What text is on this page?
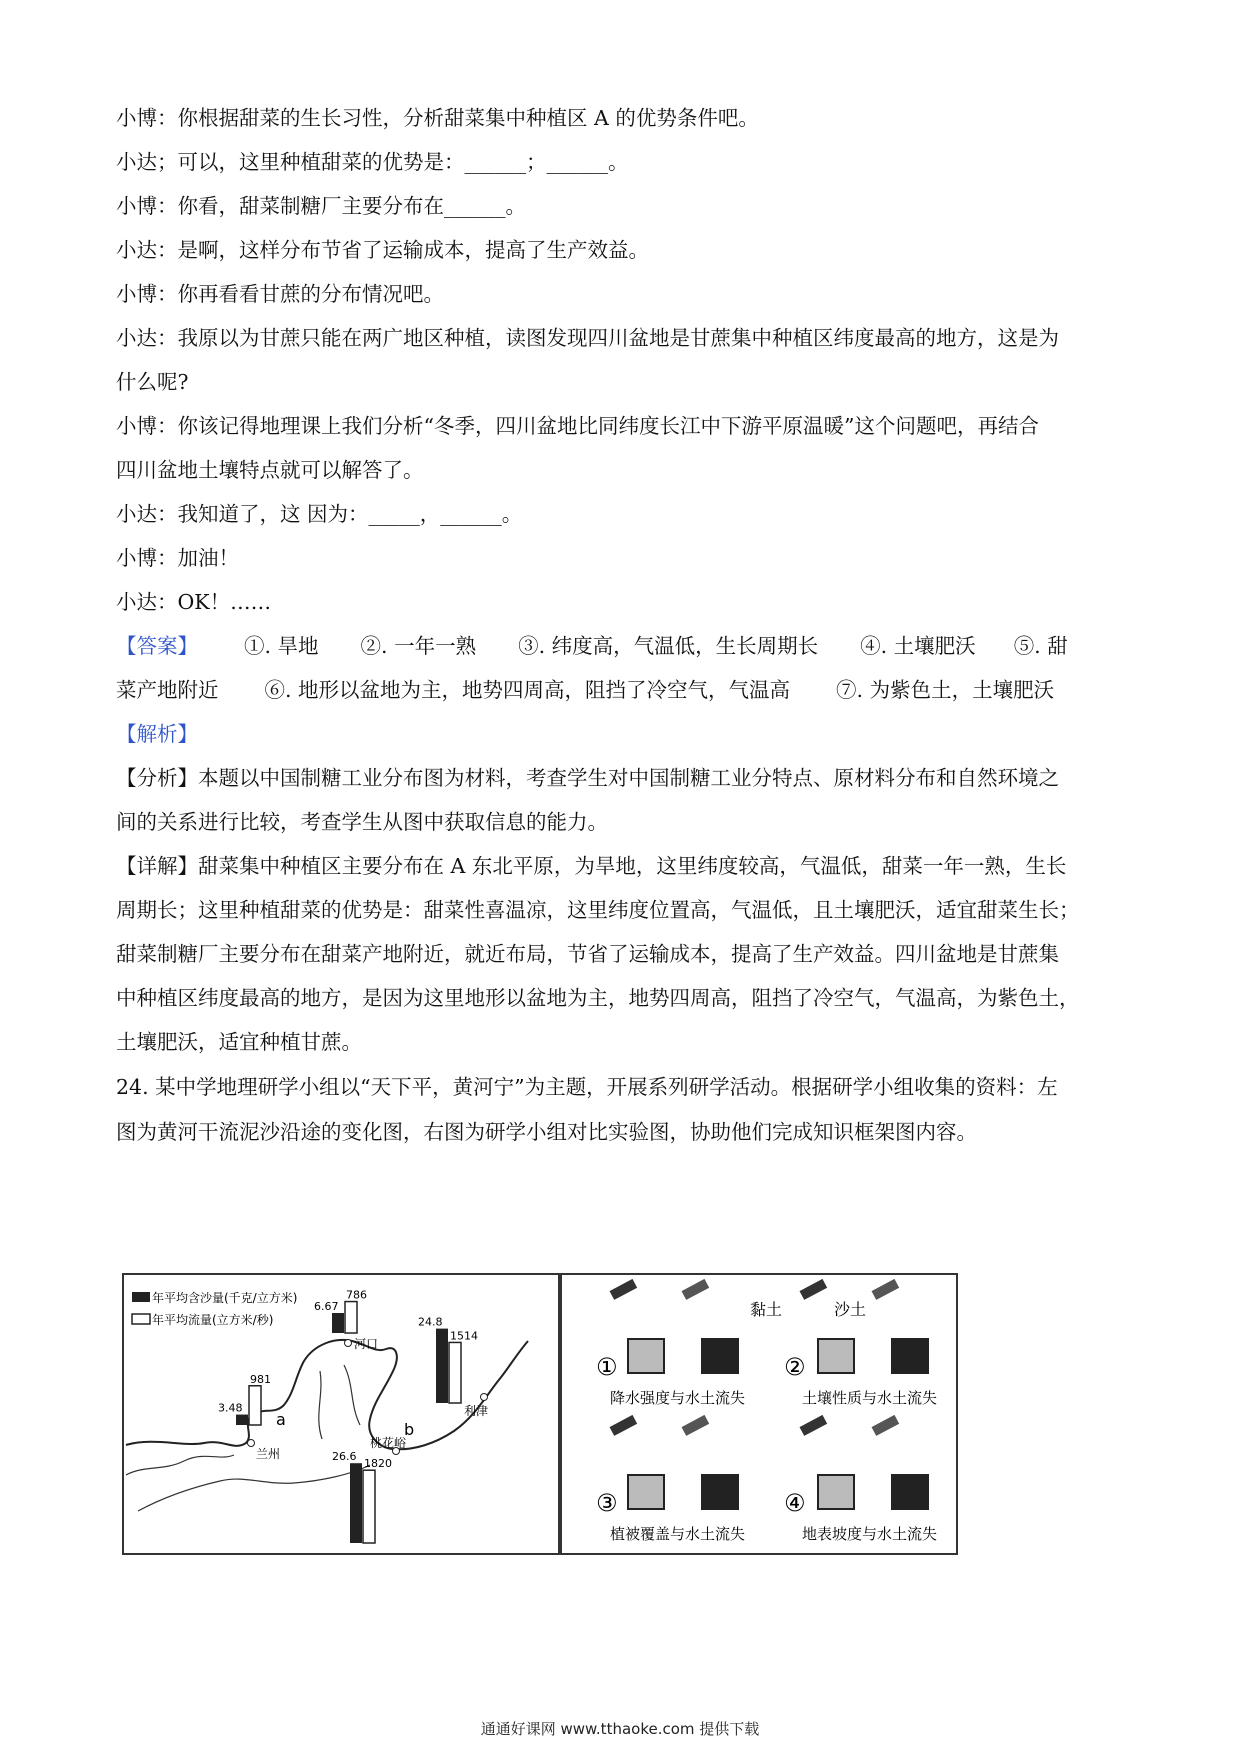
小博：你根据甜菜的生长习性，分析甜菜集中种植区 A 的优势条件吧。
小达；可以，这里种植甜菜的优势是：______；______。
小博：你看，甜菜制糖厂主要分布在______。
小达：是啊，这样分布节省了运输成本，提高了生产效益。
小博：你再看看甘蔗的分布情况吧。
小达：我原以为甘蔗只能在两广地区种植，读图发现四川盆地是甘蔗集中种植区纬度最高的地方，这是为
什么呢?
小博：你该记得地理课上我们分析“冬季，四川盆地比同纬度长江中下游平原温暖”这个问题吧，再结合
四川盆地土壤特点就可以解答了。
小达：我知道了，这 因为：_____，______。
小博：加油！
小达：OK！……
【答案】 ①. 旱地 ②. 一年一熟 ③. 纬度高，气温低，生长周期长 ④. 土壤肥沃 ⑤. 甜
菜产地附近 ⑥. 地形以盆地为主，地势四周高，阻挡了冷空气，气温高 ⑦. 为紫色土，土壤肥沃
【解析】
【分析】本题以中国制糖工业分布图为材料，考查学生对中国制糖工业分特点、原材料分布和自然环境之
间的关系进行比较，考查学生从图中获取信息的能力。
【详解】甜菜集中种植区主要分布在 A 东北平原，为旱地，这里纬度较高，气温低，甜菜一年一熟，生长
周期长；这里种植甜菜的优势是：甜菜性喜温凉，这里纬度位置高，气温低，且土壤肥沃，适宜甜菜生长；
甜菜制糖厂主要分布在甜菜产地附近，就近布局，节省了运输成本，提高了生产效益。四川盆地是甘蔗集
中种植区纬度最高的地方，是因为这里地形以盆地为主，地势四周高，阻挡了冷空气，气温高，为紫色土，
土壤肥沃，适宜种植甘蔗。
24. 某中学地理研学小组以“天下平，黄河宁”为主题，开展系列研学活动。根据研学小组收集的资料：左
图为黄河干流泥沙沿途的变化图，右图为研学小组对比实验图，协助他们完成知识框架图内容。
年平均含沙量(千克/立方米)
年平均流量(立方米/秒)
a
b
兰州
河口
利津
桃花峪
3.48
981
6.67
786
24.8
1514
26.6
1820
黏土	沙土
降水强度与水土流失	土壤性质与水土流失
植被覆盖与水土流失	地表坡度与水土流失
①	②
③	④
通通好课网 www.tthaoke.com 提供下载
